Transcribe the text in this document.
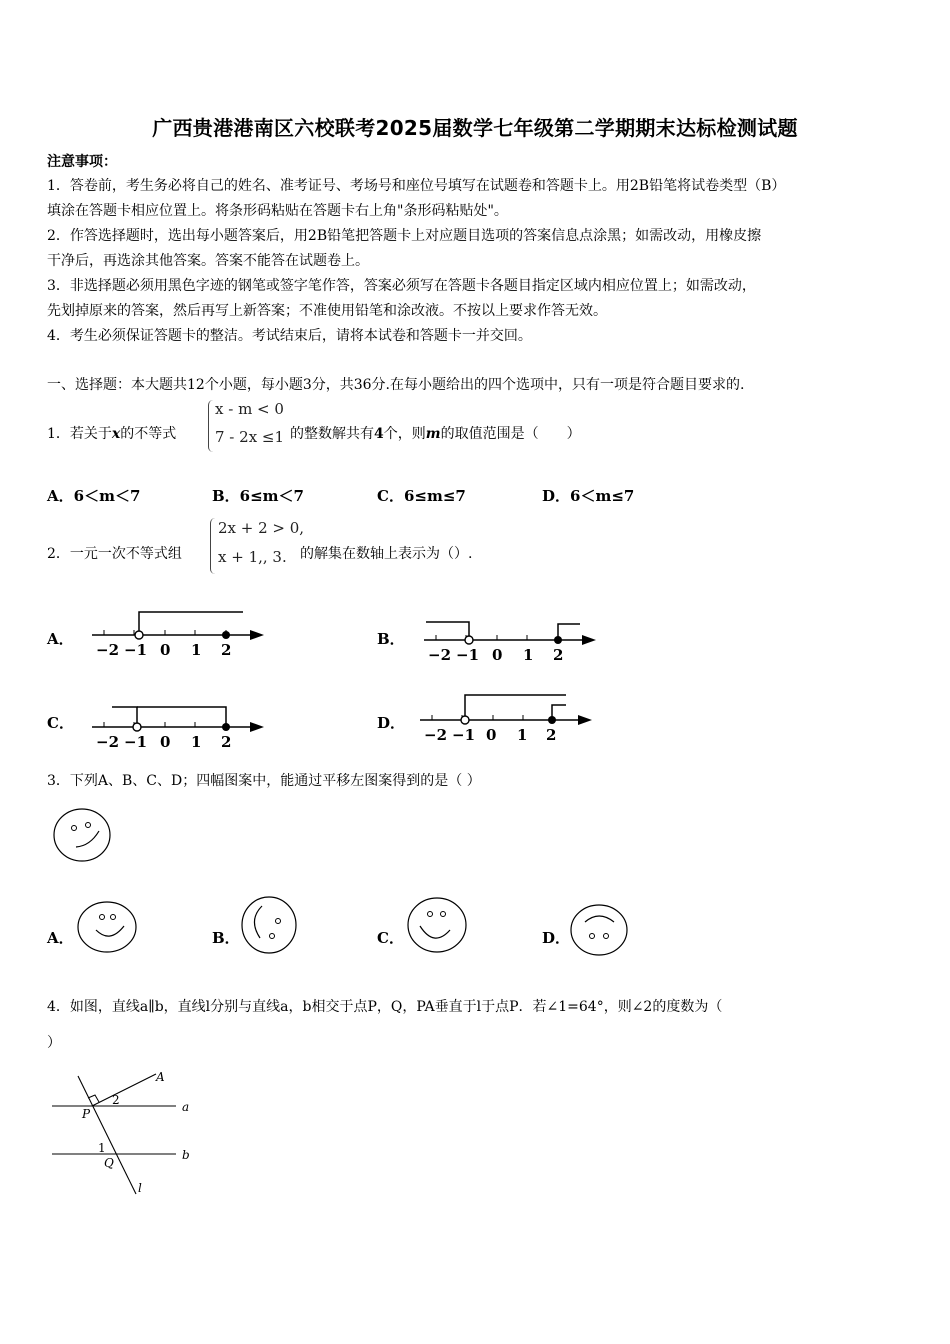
广西贵港港南区六校联考2025届数学七年级第二学期期末达标检测试题
注意事项：
1．答卷前，考生务必将自己的姓名、准考证号、考场号和座位号填写在试题卷和答题卡上。用2B铅笔将试卷类型（B）
填涂在答题卡相应位置上。将条形码粘贴在答题卡右上角"条形码粘贴处"。
2．作答选择题时，选出每小题答案后，用2B铅笔把答题卡上对应题目选项的答案信息点涂黑；如需改动，用橡皮擦
干净后，再选涂其他答案。答案不能答在试题卷上。
3．非选择题必须用黑色字迹的钢笔或签字笔作答，答案必须写在答题卡各题目指定区域内相应位置上；如需改动，
先划掉原来的答案，然后再写上新答案；不准使用铅笔和涂改液。不按以上要求作答无效。
4．考生必须保证答题卡的整洁。考试结束后，请将本试卷和答题卡一并交回。
一、选择题：本大题共12个小题，每小题3分，共36分.在每小题给出的四个选项中，只有一项是符合题目要求的.
1．若关于x的不等式
x - m < 0
7 - 2x ≤1 的整数解共有4个，则m的取值范围是（　　）
A．6＜m＜7	B．6≤m＜7	C．6≤m≤7	D．6＜m≤7
2．一元一次不等式组
2x + 2 > 0,
x + 1,, 3. 的解集在数轴上表示为（）.
A．	B．
C．	D．
−2 −1 0 1 2	−2 −1 0 1 2
−2 −1 0 1 2	−2 −1 0 1 2
3．下列A、B、C、D；四幅图案中，能通过平移左图案得到的是（ ）
A．	B．	C．	D．
4．如图，直线a∥b，直线l分别与直线a，b相交于点P，Q，PA垂直于l于点P．若∠1=64°，则∠2的度数为（
）
A
P
2	a
1
Q
b
l
